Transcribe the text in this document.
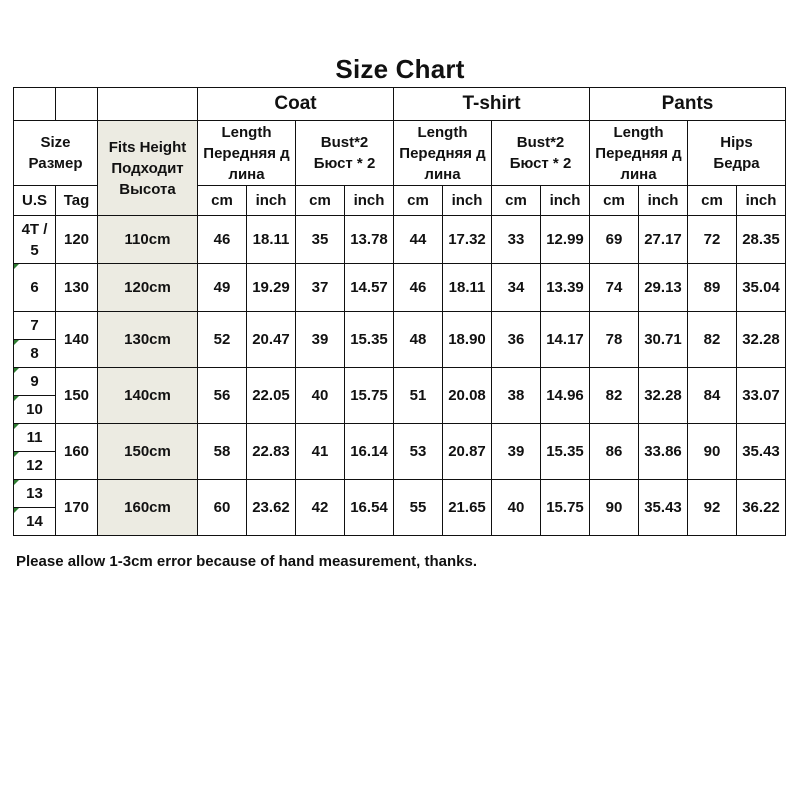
Size Chart
			Coat				T-shirt				Pants			

Size
Размер

Fits Height
Подходит
Высота

Length
Передняя д
лина

Bust*2
Бюст * 2

Length
Передняя д
лина

Bust*2
Бюст * 2

Length
Передняя д
лина

Hips
Бедра

U.S	Tag		cm	inch	cm	inch	cm	inch	cm	inch	cm	inch	cm	inch

4T /
5	120	110cm	46	18.11	35	13.78	44	17.32	33	12.99	69	27.17	72	28.35
6	130	120cm	49	19.29	37	14.57	46	18.11	34	13.39	74	29.13	89	35.04
7	140	130cm	52	20.47	39	15.35	48	18.90	36	14.17	78	30.71	82	32.28
8														
9	150	140cm	56	22.05	40	15.75	51	20.08	38	14.96	82	32.28	84	33.07
10														
11	160	150cm	58	22.83	41	16.14	53	20.87	39	15.35	86	33.86	90	35.43
12														
13	170	160cm	60	23.62	42	16.54	55	21.65	40	15.75	90	35.43	92	36.22
14														
Please allow 1-3cm error because of hand measurement, thanks.
